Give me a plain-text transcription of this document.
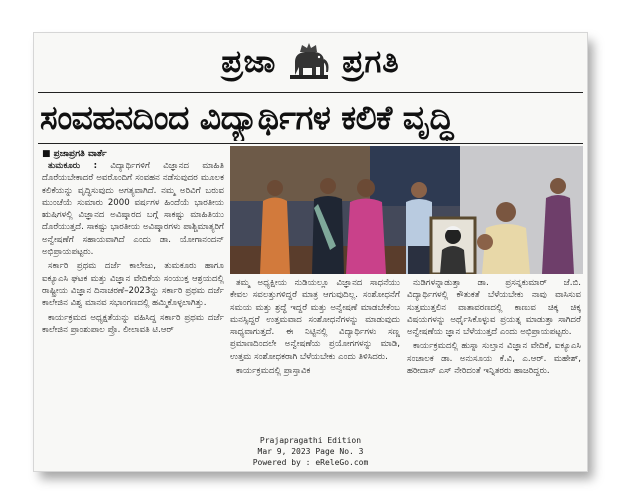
ಪ್ರಜಾ ಪ್ರಗತಿ
ಸಂವಹನದಿಂದ ವಿದ್ಯಾರ್ಥಿಗಳ ಕಲಿಕೆ ವೃದ್ಧಿ
■ ಪ್ರಜಾಪ್ರಗತಿ ವಾರ್ತೆ

ತುಮಕೂರು : ವಿದ್ಯಾರ್ಥಿಗಳಿಗೆ ವಿಜ್ಞಾನದ ಮಾಹಿತಿ ದೊರೆಯಬೇಕಾದರೆ ಅವರೊಂದಿಗೆ ಸಂವಹನ ನಡೆಸುವುದರ ಮೂಲಕ ಕಲಿಕೆಯನ್ನು ವೃದ್ಧಿಸುವುದು ಅಗತ್ಯವಾಗಿದೆ. ನಮ್ಮ ಅರಿವಿಗೆ ಬರುವ ಮುಂಚೆಯೆ ಸುಮಾರು 2000 ವರ್ಷಗಳ ಹಿಂದೆಯೆ ಭಾರತೀಯ ಋಷಿಗಳಲ್ಲಿ ವಿಜ್ಞಾನದ ಅವಿಷ್ಕಾರದ ಬಗ್ಗೆ ಸಾಕಷ್ಟು ಮಾಹಿತಿಯು ದೊರೆಯುತ್ತದೆ. ಸಾಕಷ್ಟು ಭಾರತೀಯ ಅವಿಷ್ಕಾರಗಳು ಪಾಶ್ಚಿಮಾತ್ಯರಿಗೆ ಅನ್ವೇಷಣೆಗೆ ಸಹಾಯವಾಗಿದೆ ಎಂದು ಡಾ. ಯೋಗಾನಂದನ್ ಅಭಿಪ್ರಾಯಪಟ್ಟರು.

ಸರ್ಕಾರಿ ಪ್ರಥಮ ದರ್ಜೆ ಕಾಲೇಜು, ತುಮಕೂರು ಹಾಗೂ ಐಕ್ಯೂಎಸಿ ಘಟಕ ಮತ್ತು ವಿಜ್ಞಾನ ವೇದಿಕೆಯ ಸಂಯುಕ್ತ ಆಶ್ರಯದಲ್ಲಿ ರಾಷ್ಟ್ರೀಯ ವಿಜ್ಞಾನ ದಿನಾಚರಣೆ–2023ನ್ನು ಸರ್ಕಾರಿ ಪ್ರಥಮ ದರ್ಜೆ ಕಾಲೇಜಿನ ವಿಶ್ವ ಮಾನವ ಸಭಾಂಗಣದಲ್ಲಿ ಹಮ್ಮಿಕೊಳ್ಳಲಾಗಿತ್ತು.

ಕಾರ್ಯಕ್ರಮದ ಅಧ್ಯಕ್ಷತೆಯನ್ನು ವಹಿಸಿದ್ದ ಸರ್ಕಾರಿ ಪ್ರಥಮ ದರ್ಜೆ ಕಾಲೇಜಿನ ಪ್ರಾಂಶುಪಾಲ ಪ್ರೊ. ಲೀಲಾವತಿ ಟಿ.ಆರ್

ತಮ್ಮ ಅಧ್ಯಕ್ಷೀಯ ನುಡಿಯಲ್ಲೂ ವಿಜ್ಞಾನದ ಸಾಧನೆಯು ಕೇವಲ ಸವಲತ್ತುಗಳಿದ್ದರೆ ಮಾತ್ರ ಆಗುವುದಿಲ್ಲ. ಸಂಶೋಧನೆಗೆ ಸಮಯ ಮತ್ತು ಶ್ರದ್ಧೆ ಇದ್ದರೆ ಮತ್ತು ಅನ್ವೇಷಣೆ ಮಾಡಬೇಕೆಂಬ ಮನಸ್ಸಿದ್ದರೆ ಉತ್ತಮವಾದ ಸಂಶೋಧನೆಗಳನ್ನು ಮಾಡುವುದು ಸಾಧ್ಯವಾಗುತ್ತದೆ. ಈ ನಿಟ್ಟಿನಲ್ಲಿ ವಿದ್ಯಾರ್ಥಿಗಳು ಸಣ್ಣ ಪ್ರಮಾಣದಿಂದಲೇ ಅನ್ವೇಷಣೆಯ ಪ್ರಯೋಗಗಳನ್ನು ಮಾಡಿ, ಉತ್ತಮ ಸಂಶೋಧಕರಾಗಿ ಬೆಳೆಯಬೇಕು ಎಂದು ತಿಳಿಸಿದರು.

ಕಾರ್ಯಕ್ರಮದಲ್ಲಿ ಪ್ರಾಸ್ತಾವಿಕ

ನುಡಿಗಳನ್ನಾಡುತ್ತಾ ಡಾ. ಪ್ರಸನ್ನಕುಮಾರ್ ಜೆ.ಬಿ. ವಿದ್ಯಾರ್ಥಿಗಳಲ್ಲಿ ಕೌತುಕತೆ ಬೆಳೆಯಬೇಕು ನಾವು ವಾಸಿಸುವ ಸುತ್ತಮುತ್ತಲಿನ ವಾತಾವರಣದಲ್ಲಿ ಕಾಣುವ ಚಿಕ್ಕ ಚಿಕ್ಕ ವಿಷಯಗಳನ್ನು ಅರ್ಥೈಸಿಕೊಳ್ಳುವ ಪ್ರಯತ್ನ ಮಾಡುತ್ತಾ ಸಾಗಿದರೆ ಅನ್ವೇಷಣೆಯ ಜ್ಞಾನ ಬೆಳೆಯುತ್ತದೆ ಎಂದು ಅಭಿಪ್ರಾಯಪಟ್ಟರು.

ಕಾರ್ಯಕ್ರಮದಲ್ಲಿ ಹುಸ್ನಾ ಸುಲ್ತಾನ ವಿಜ್ಞಾನ ವೇದಿಕೆ, ಐಕ್ಯೂಎಸಿ ಸಂಚಾಲಕ ಡಾ. ಅನುಸೂಯ ಕೆ.ವಿ, ಎ.ಆರ್. ಮಹೇಶ್, ಹರೀದಾಸ್ ಎಸ್ ನೇರಿದಂತೆ ಇನ್ನಿತರರು ಹಾಜರಿದ್ದರು.

Prajapragathi Edition
Mar 9, 2023 Page No. 3
Powered by : eReleGo.com
